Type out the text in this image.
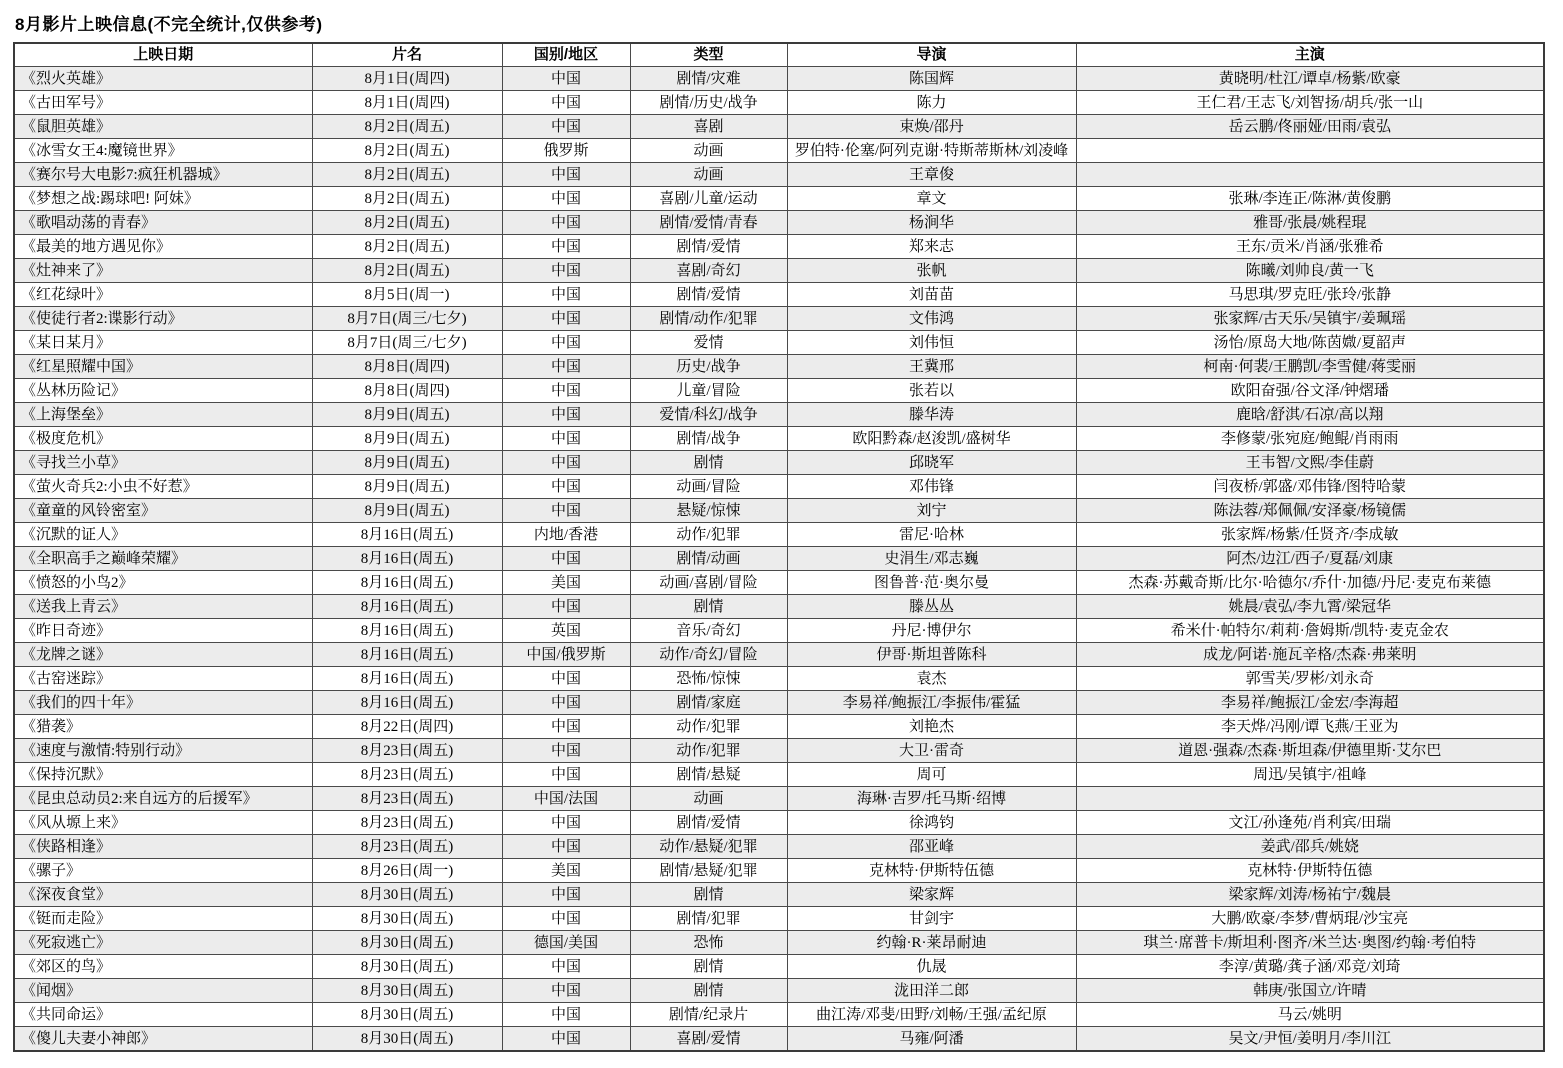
8月影片上映信息(不完全统计,仅供参考)
上映日期	片名	国别/地区	类型	导演	主演
《烈火英雄》	8月1日(周四)	中国	剧情/灾难	陈国辉	黄晓明/杜江/谭卓/杨紫/欧豪
《古田军号》	8月1日(周四)	中国	剧情/历史/战争	陈力	王仁君/王志飞/刘智扬/胡兵/张一山
《鼠胆英雄》	8月2日(周五)	中国	喜剧	束焕/邵丹	岳云鹏/佟丽娅/田雨/袁弘
《冰雪女王4:魔镜世界》	8月2日(周五)	俄罗斯	动画	罗伯特·伦塞/阿列克谢·特斯蒂斯林/刘凌峰	
《赛尔号大电影7:疯狂机器城》	8月2日(周五)	中国	动画	王章俊	
《梦想之战:踢球吧! 阿妹》	8月2日(周五)	中国	喜剧/儿童/运动	章文	张琳/李连正/陈淋/黄俊鹏
《歌唱动荡的青春》	8月2日(周五)	中国	剧情/爱情/青春	杨涧华	雅哥/张晨/姚程琨
《最美的地方遇见你》	8月2日(周五)	中国	剧情/爱情	郑来志	王东/贡米/肖涵/张雅希
《灶神来了》	8月2日(周五)	中国	喜剧/奇幻	张帆	陈曦/刘帅良/黄一飞
《红花绿叶》	8月5日(周一)	中国	剧情/爱情	刘苗苗	马思琪/罗克旺/张玲/张静
《使徒行者2:谍影行动》	8月7日(周三/七夕)	中国	剧情/动作/犯罪	文伟鸿	张家辉/古天乐/吴镇宇/姜珮瑶
《某日某月》	8月7日(周三/七夕)	中国	爱情	刘伟恒	汤怡/原岛大地/陈茵媺/夏韶声
《红星照耀中国》	8月8日(周四)	中国	历史/战争	王冀邢	柯南·何裴/王鹏凯/李雪健/蒋雯丽
《丛林历险记》	8月8日(周四)	中国	儿童/冒险	张若以	欧阳奋强/谷文泽/钟熠璠
《上海堡垒》	8月9日(周五)	中国	爱情/科幻/战争	滕华涛	鹿晗/舒淇/石凉/高以翔
《极度危机》	8月9日(周五)	中国	剧情/战争	欧阳黔森/赵浚凯/盛树华	李修蒙/张宛庭/鲍鲲/肖雨雨
《寻找兰小草》	8月9日(周五)	中国	剧情	邱晓军	王韦智/文熙/李佳蔚
《萤火奇兵2:小虫不好惹》	8月9日(周五)	中国	动画/冒险	邓伟锋	闫夜桥/郭盛/邓伟锋/图特哈蒙
《童童的风铃密室》	8月9日(周五)	中国	悬疑/惊悚	刘宁	陈法蓉/郑佩佩/安泽豪/杨镜儒
《沉默的证人》	8月16日(周五)	内地/香港	动作/犯罪	雷尼·哈林	张家辉/杨紫/任贤齐/李成敏
《全职高手之巅峰荣耀》	8月16日(周五)	中国	剧情/动画	史涓生/邓志巍	阿杰/边江/西子/夏磊/刘康
《愤怒的小鸟2》	8月16日(周五)	美国	动画/喜剧/冒险	图鲁普·范·奥尔曼	杰森·苏戴奇斯/比尔·哈德尔/乔什·加德/丹尼·麦克布莱德
《送我上青云》	8月16日(周五)	中国	剧情	滕丛丛	姚晨/袁弘/李九霄/梁冠华
《昨日奇迹》	8月16日(周五)	英国	音乐/奇幻	丹尼·博伊尔	希米什·帕特尔/莉莉·詹姆斯/凯特·麦克金农
《龙牌之谜》	8月16日(周五)	中国/俄罗斯	动作/奇幻/冒险	伊哥·斯坦普陈科	成龙/阿诺·施瓦辛格/杰森·弗莱明
《古窑迷踪》	8月16日(周五)	中国	恐怖/惊悚	袁杰	郭雪芙/罗彬/刘永奇
《我们的四十年》	8月16日(周五)	中国	剧情/家庭	李易祥/鲍振江/李振伟/霍猛	李易祥/鲍振江/金宏/李海超
《猎袭》	8月22日(周四)	中国	动作/犯罪	刘艳杰	李天烨/冯刚/谭飞燕/王亚为
《速度与激情:特别行动》	8月23日(周五)	中国	动作/犯罪	大卫·雷奇	道恩·强森/杰森·斯坦森/伊德里斯·艾尔巴
《保持沉默》	8月23日(周五)	中国	剧情/悬疑	周可	周迅/吴镇宇/祖峰
《昆虫总动员2:来自远方的后援军》	8月23日(周五)	中国/法国	动画	海琳·吉罗/托马斯·绍博	
《风从塬上来》	8月23日(周五)	中国	剧情/爱情	徐鸿钧	文江/孙逢苑/肖利宾/田瑞
《侠路相逢》	8月23日(周五)	中国	动作/悬疑/犯罪	邵亚峰	姜武/邵兵/姚娆
《骡子》	8月26日(周一)	美国	剧情/悬疑/犯罪	克林特·伊斯特伍德	克林特·伊斯特伍德
《深夜食堂》	8月30日(周五)	中国	剧情	梁家辉	梁家辉/刘涛/杨祐宁/魏晨
《铤而走险》	8月30日(周五)	中国	剧情/犯罪	甘剑宇	大鹏/欧豪/李梦/曹炳琨/沙宝亮
《死寂逃亡》	8月30日(周五)	德国/美国	恐怖	约翰·R·莱昂耐迪	琪兰·席普卡/斯坦利·图齐/米兰达·奥图/约翰·考伯特
《郊区的鸟》	8月30日(周五)	中国	剧情	仇晟	李淳/黄璐/龚子涵/邓竞/刘琦
《闻烟》	8月30日(周五)	中国	剧情	泷田洋二郎	韩庚/张国立/许晴
《共同命运》	8月30日(周五)	中国	剧情/纪录片	曲江涛/邓斐/田野/刘畅/王强/孟纪原	马云/姚明
《傻儿夫妻小神郎》	8月30日(周五)	中国	喜剧/爱情	马雍/阿潘	吴文/尹恒/姜明月/李川江
